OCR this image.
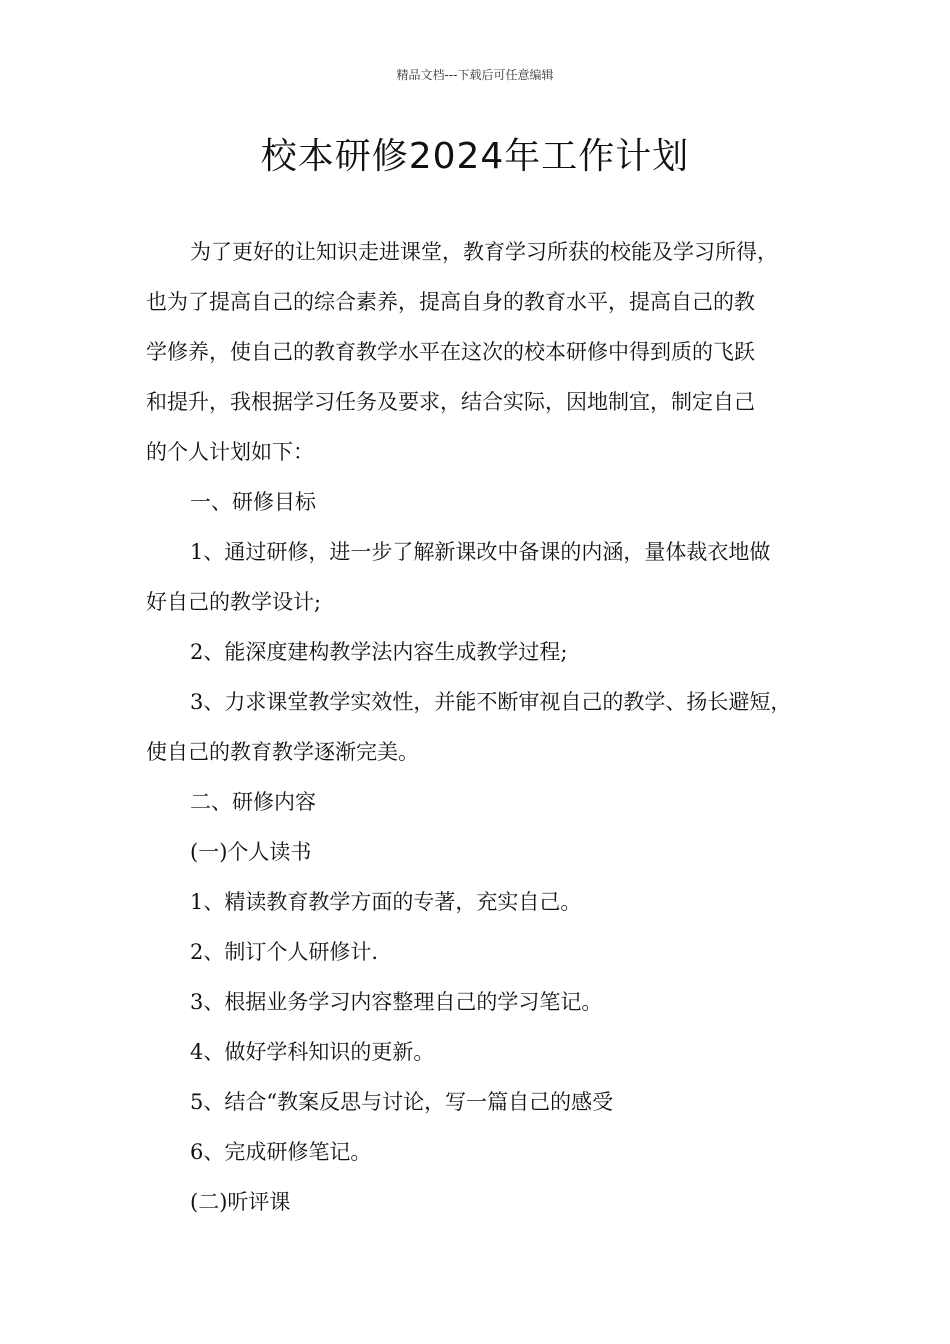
精品文档---下载后可任意编辑
校本研修2024年工作计划

为了更好的让知识走进课堂，教育学习所获的校能及学习所得，

也为了提高自己的综合素养，提高自身的教育水平，提高自己的教

学修养，使自己的教育教学水平在这次的校本研修中得到质的飞跃

和提升，我根据学习任务及要求，结合实际，因地制宜，制定自己

的个人计划如下：

一、研修目标

1、通过研修，进一步了解新课改中备课的内涵，量体裁衣地做

好自己的教学设计;

2、能深度建构教学法内容生成教学过程;

3、力求课堂教学实效性，并能不断审视自己的教学、扬长避短，

使自己的教育教学逐渐完美。

二、研修内容

(一)个人读书

1、精读教育教学方面的专著，充实自己。

2、制订个人研修计.

3、根据业务学习内容整理自己的学习笔记。

4、做好学科知识的更新。

5、结合“教案反思与讨论，写一篇自己的感受

6、完成研修笔记。

(二)听评课
